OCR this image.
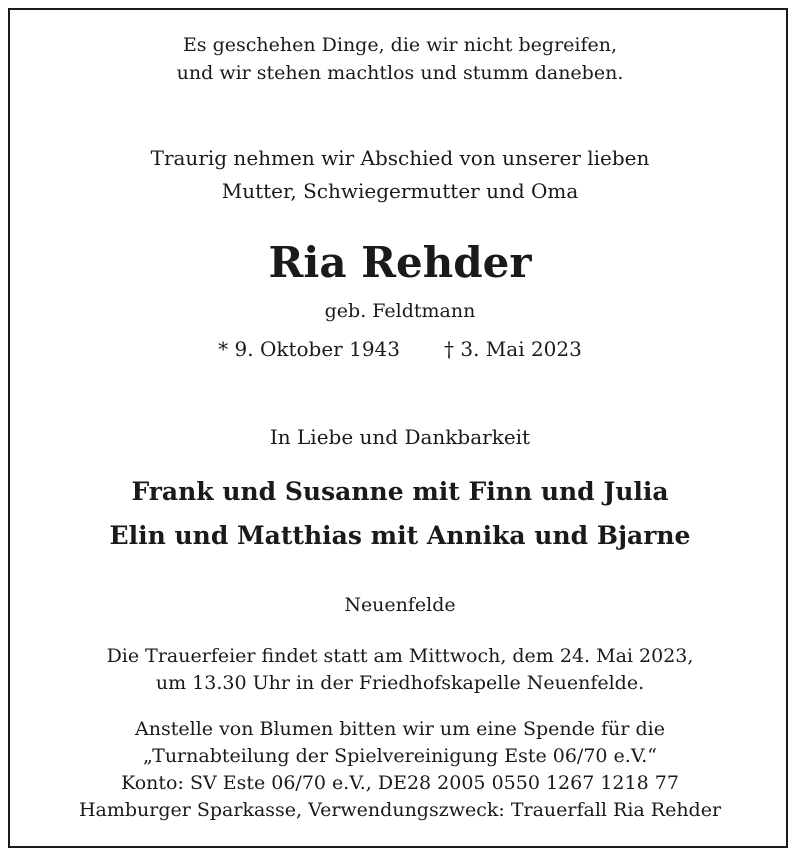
Es geschehen Dinge, die wir nicht begreifen,
und wir stehen machtlos und stumm daneben.
Traurig nehmen wir Abschied von unserer lieben
Mutter, Schwiegermutter und Oma
Ria Rehder
geb. Feldtmann
* 9. Oktober 1943 † 3. Mai 2023
In Liebe und Dankbarkeit
Frank und Susanne mit Finn und Julia
Elin und Matthias mit Annika und Bjarne
Neuenfelde
Die Trauerfeier findet statt am Mittwoch, dem 24. Mai 2023,
um 13.30 Uhr in der Friedhofskapelle Neuenfelde.
Anstelle von Blumen bitten wir um eine Spende für die
„Turnabteilung der Spielvereinigung Este 06/70 e.V.“
Konto: SV Este 06/70 e.V., DE28 2005 0550 1267 1218 77
Hamburger Sparkasse, Verwendungszweck: Trauerfall Ria Rehder
